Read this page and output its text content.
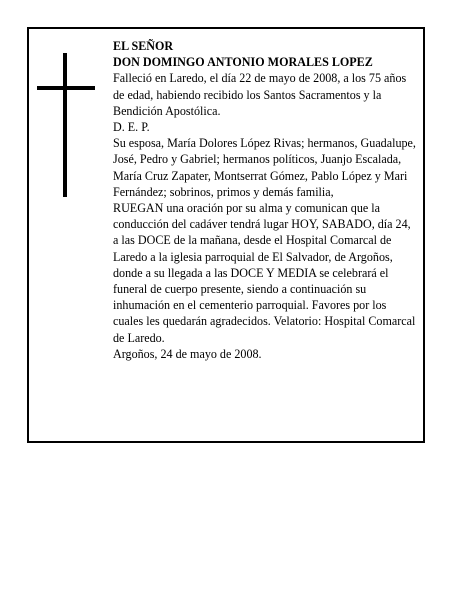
EL SEÑOR

DON DOMINGO ANTONIO MORALES LOPEZ

Falleció en Laredo, el día 22 de mayo de 2008, a los 75 años de edad, habiendo recibido los Santos Sacramentos y la Bendición Apostólica.

D. E. P.

Su esposa, María Dolores López Rivas; hermanos, Guadalupe, José, Pedro y Gabriel; hermanos políticos, Juanjo Escalada, María Cruz Zapater, Montserrat Gómez, Pablo López y Mari Fernández; sobrinos, primos y demás familia,

RUEGAN una oración por su alma y comunican que la conducción del cadáver tendrá lugar HOY, SABADO, día 24, a las DOCE de la mañana, desde el Hospital Comarcal de Laredo a la iglesia parroquial de El Salvador, de Argoños, donde a su llegada a las DOCE Y MEDIA se celebrará el funeral de cuerpo presente, siendo a continuación su inhumación en el cementerio parroquial. Favores por los cuales les quedarán agradecidos. Velatorio: Hospital Comarcal de Laredo.

Argoños, 24 de mayo de 2008.
